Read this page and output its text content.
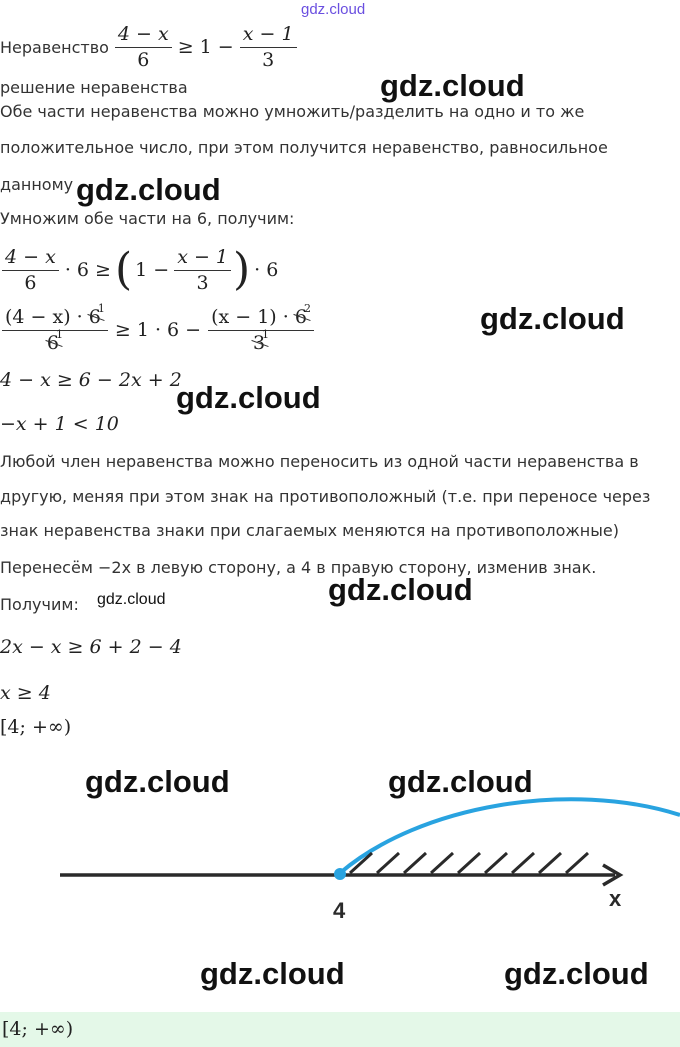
gdz.cloud
Неравенство $\frac{4 - x}{6} \ge 1 - \frac{x - 1}{3}$
решение неравенства	gdz.cloud
Обе части неравенства можно умножить/разделить на одно и то же
положительное число, при этом получится неравенство, равносильное
данному gdz.cloud
Умножим обе части на 6, получим:
$\frac{4 - x}{6} \cdot 6$ ≥ ( $1 - \frac{x - 1}{3}$ ) · 6
$\frac{(4 - x) \cdot 6^1}{6^1} \ge 1 \cdot 6 - \frac{(x - 1) \cdot 6^2}{3^1}$	gdz.cloud
4 − x ≥ 6 − 2x + 2
gdz.cloud
−x + 1 < 10
Любой член неравенства можно переносить из одной части неравенства в
другую, меняя при этом знак на противоположный (т.е. при переносе через
знак неравенства знаки при слагаемых меняются на противоположные)
Перенесём −2x в левую сторону, а 4 в правую сторону, изменив знак.
Получим: gdz.cloud	gdz.cloud
2x − x ≥ 6 + 2 − 4
x ≥ 4
[4; +∞)
gdz.cloud	gdz.cloud
4	x
gdz.cloud	gdz.cloud
[4; +∞)
